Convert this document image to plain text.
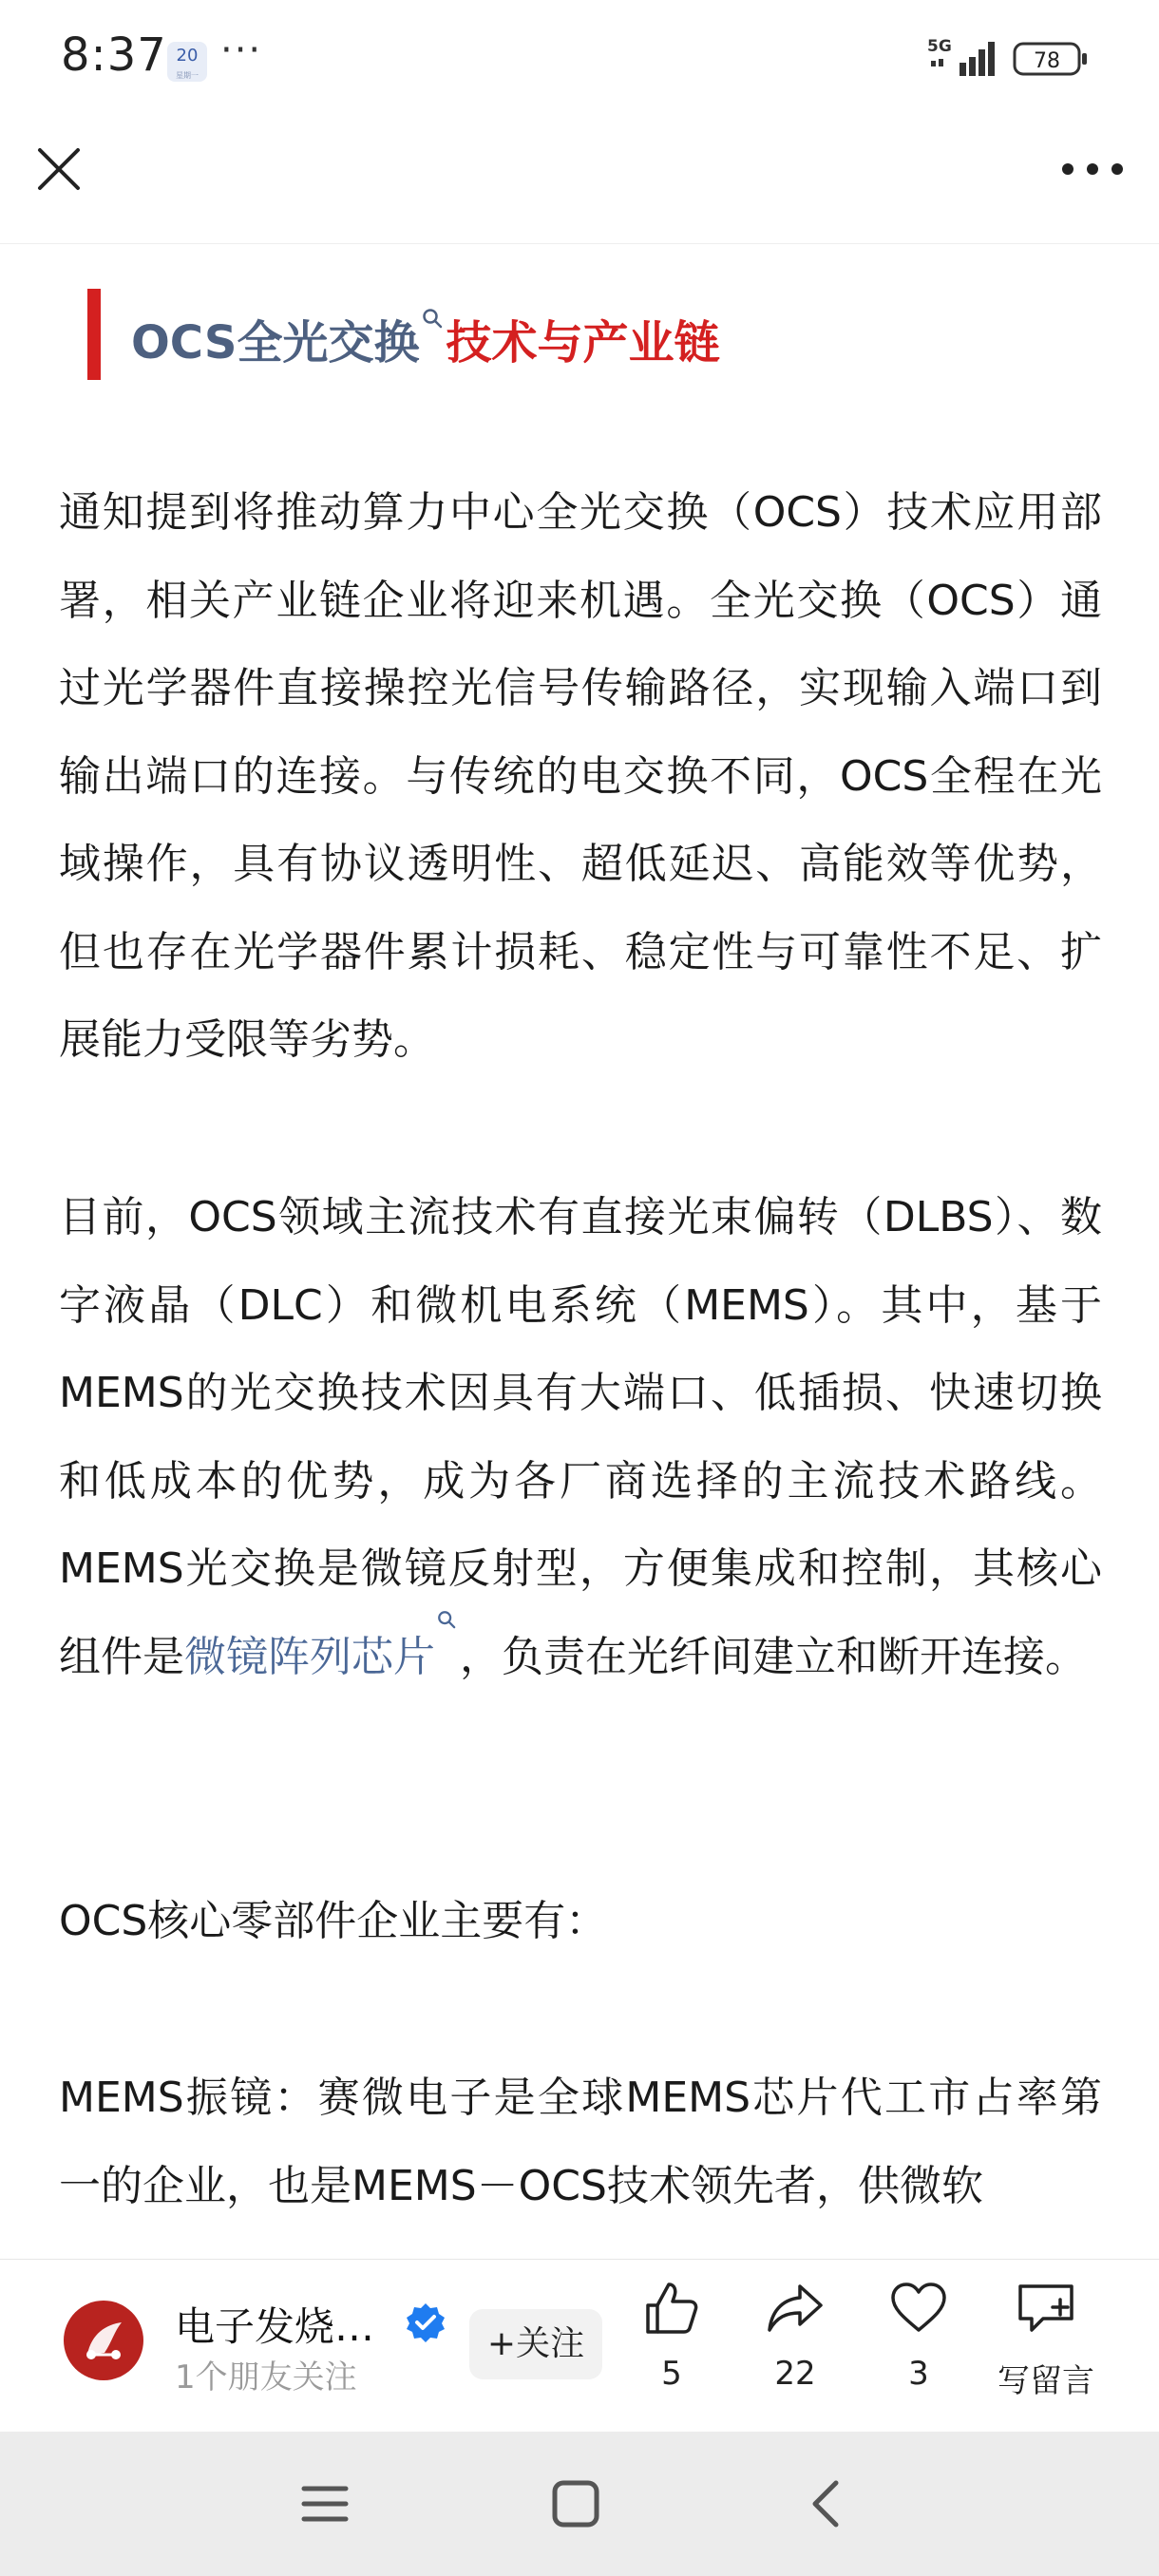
8:37 20
星期一
···	5G
78
OCS全光交换 技术与产业链

通知提到将推动算力中心全光交换（OCS）技术应用部署，相关产业链企业将迎来机遇。全光交换（OCS）通过光学器件直接操控光信号传输路径，实现输入端口到输出端口的连接。与传统的电交换不同，OCS全程在光域操作，具有协议透明性、超低延迟、高能效等优势，但也存在光学器件累计损耗、稳定性与可靠性不足、扩展能力受限等劣势。

目前，OCS领域主流技术有直接光束偏转（DLBS）、数字液晶（DLC）和微机电系统（MEMS）。其中，基于MEMS的光交换技术因具有大端口、低插损、快速切换和低成本的优势，成为各厂商选择的主流技术路线。MEMS光交换是微镜反射型，方便集成和控制，其核心组件是微镜阵列芯片 ，负责在光纤间建立和断开连接。

OCS核心零部件企业主要有：

MEMS振镜：赛微电子是全球MEMS芯片代工市占率第一的企业，也是MEMS－OCS技术领先者，供微软

电子发烧…
1个朋友关注
+关注
5	22	3	写留言
